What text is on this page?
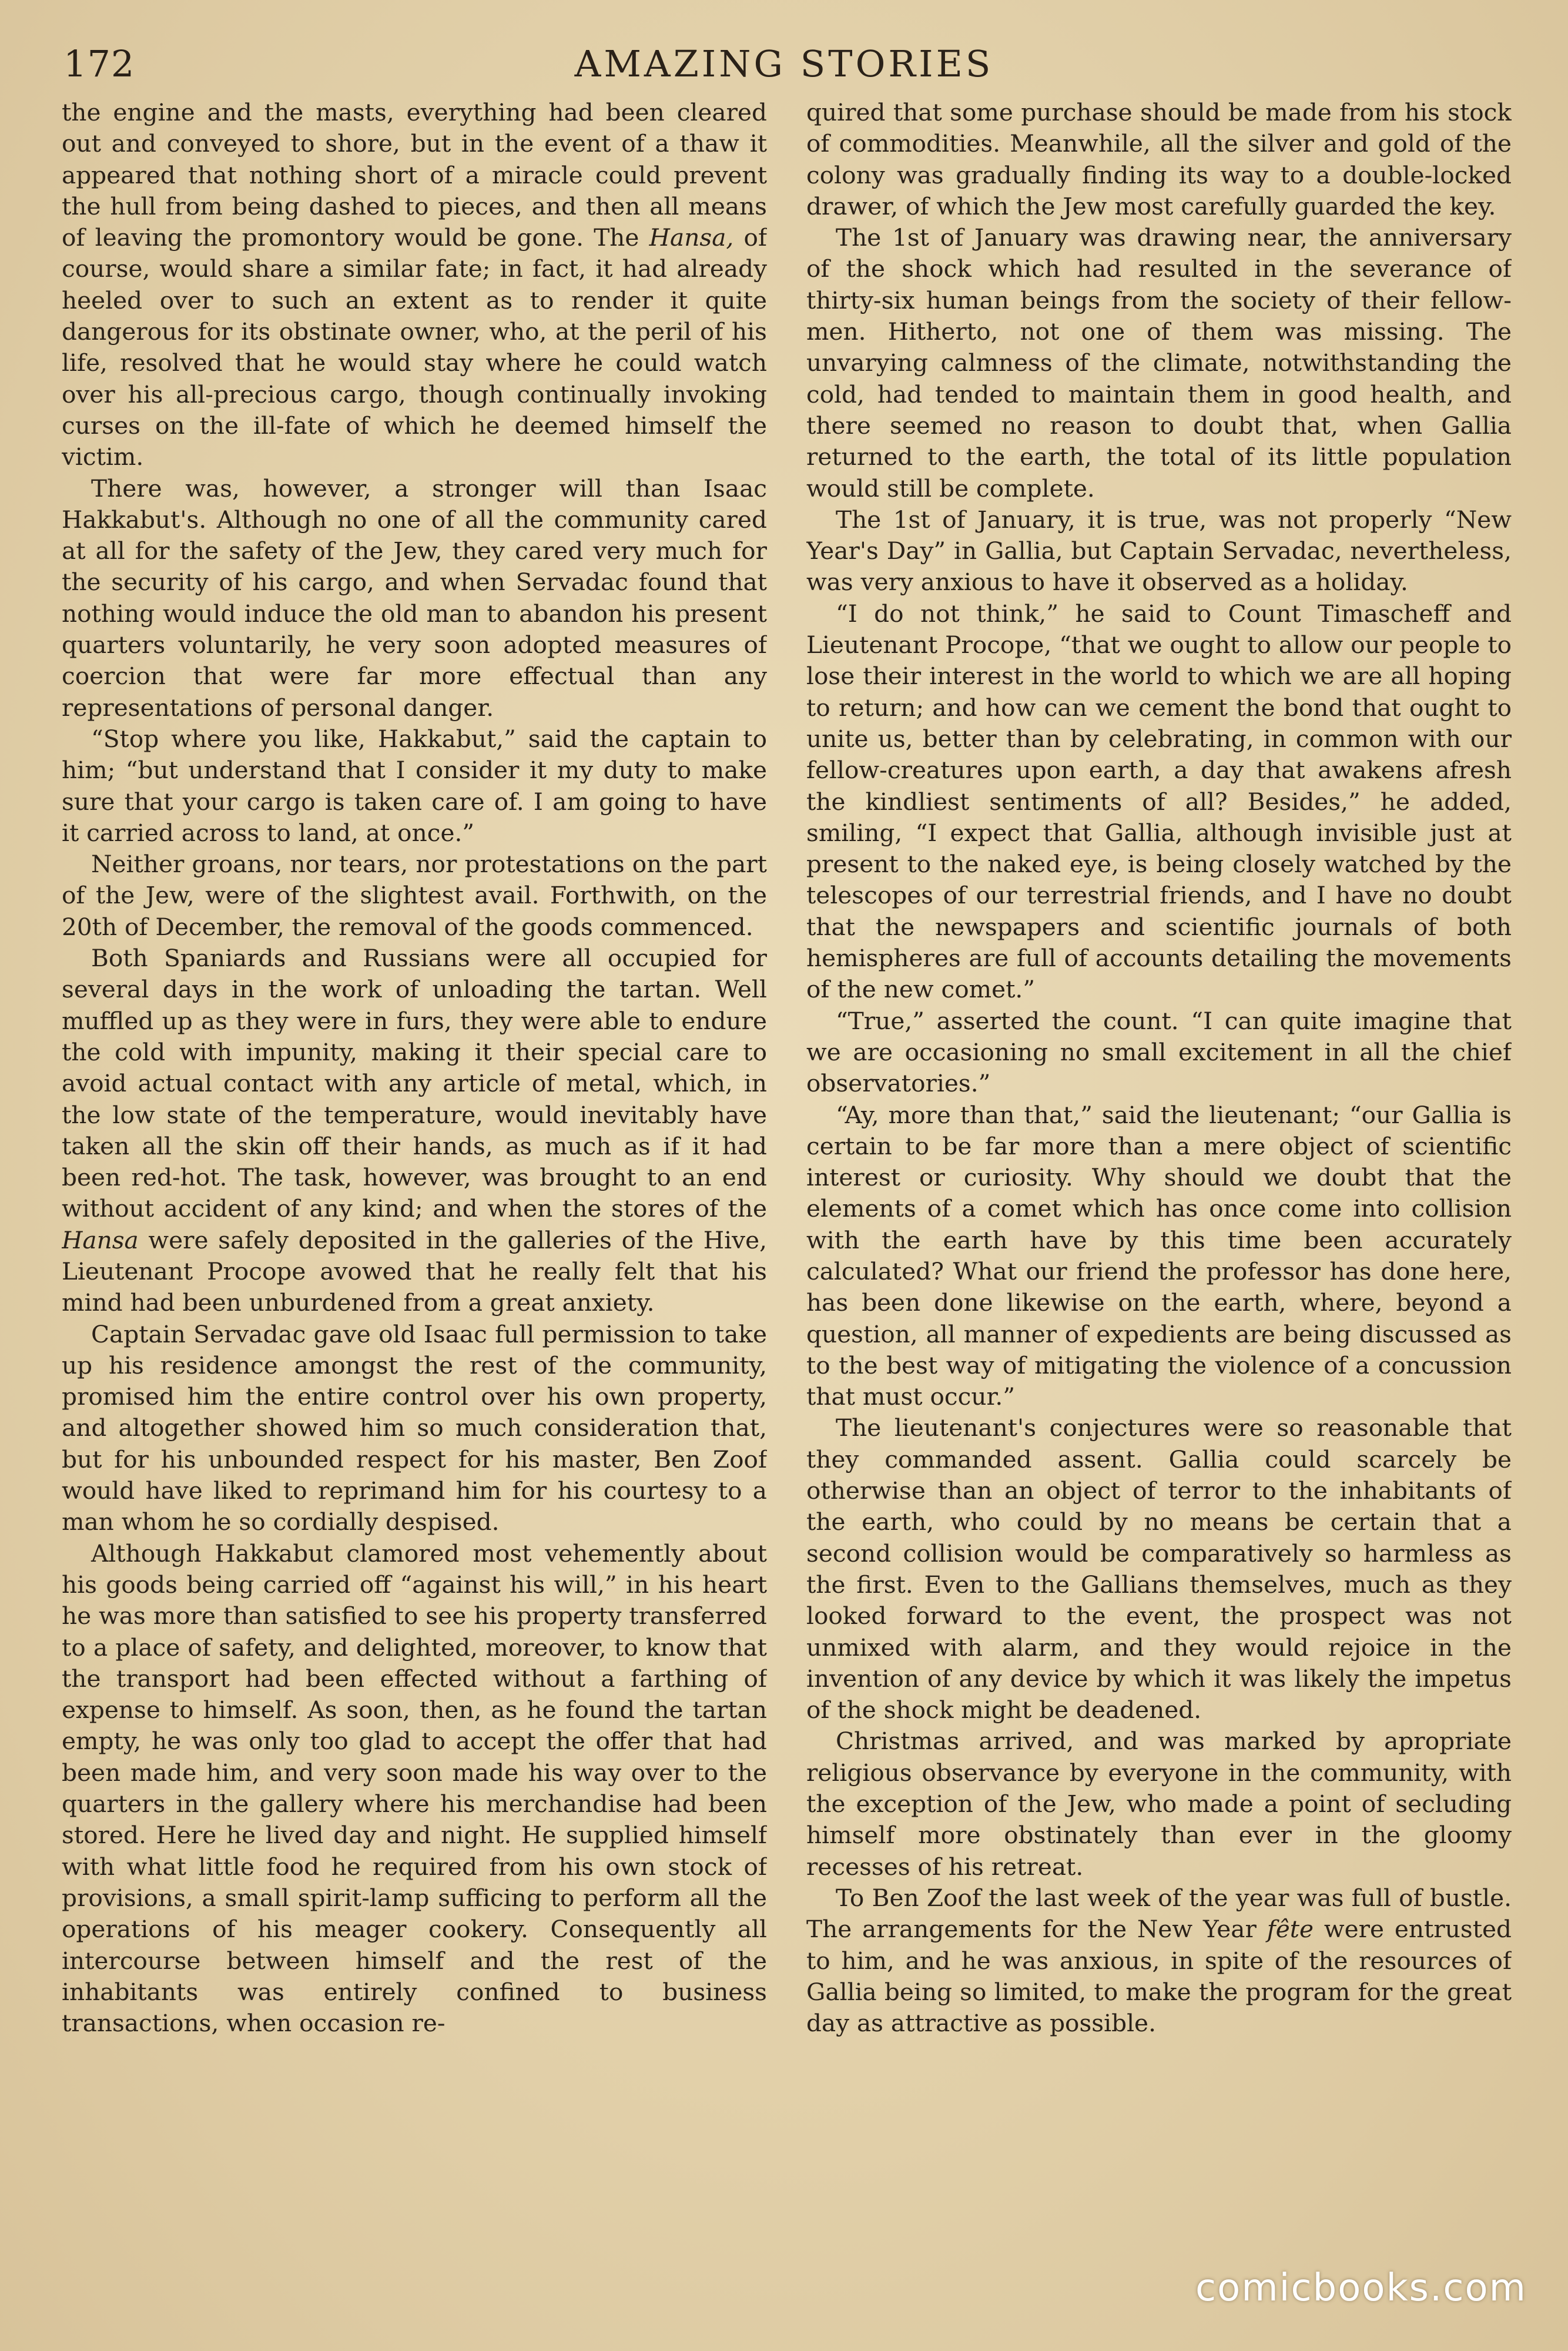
172	AMAZING STORIES

the engine and the masts, everything had been cleared out and conveyed to shore, but in the event of a thaw it appeared that nothing short of a miracle could prevent the hull from being dashed to pieces, and then all means of leaving the promontory would be gone. The Hansa, of course, would share a similar fate; in fact, it had already heeled over to such an extent as to render it quite dangerous for its obstinate owner, who, at the peril of his life, resolved that he would stay where he could watch over his all-precious cargo, though continually invoking curses on the ill-fate of which he deemed himself the victim.

There was, however, a stronger will than Isaac Hakkabut's. Although no one of all the community cared at all for the safety of the Jew, they cared very much for the security of his cargo, and when Servadac found that nothing would induce the old man to abandon his present quarters voluntarily, he very soon adopted measures of coercion that were far more effectual than any representations of personal danger.

“Stop where you like, Hakkabut,” said the captain to him; “but understand that I consider it my duty to make sure that your cargo is taken care of. I am going to have it carried across to land, at once.”

Neither groans, nor tears, nor protestations on the part of the Jew, were of the slightest avail. Forthwith, on the 20th of December, the removal of the goods commenced.

Both Spaniards and Russians were all occupied for several days in the work of unloading the tartan. Well muffled up as they were in furs, they were able to endure the cold with impunity, making it their special care to avoid actual contact with any article of metal, which, in the low state of the temperature, would inevitably have taken all the skin off their hands, as much as if it had been red-hot. The task, however, was brought to an end without accident of any kind; and when the stores of the Hansa were safely deposited in the galleries of the Hive, Lieutenant Procope avowed that he really felt that his mind had been unburdened from a great anxiety.

Captain Servadac gave old Isaac full permission to take up his residence amongst the rest of the community, promised him the entire control over his own property, and altogether showed him so much consideration that, but for his unbounded respect for his master, Ben Zoof would have liked to reprimand him for his courtesy to a man whom he so cordially despised.

Although Hakkabut clamored most vehemently about his goods being carried off “against his will,” in his heart he was more than satisfied to see his property transferred to a place of safety, and delighted, moreover, to know that the transport had been effected without a farthing of expense to himself. As soon, then, as he found the tartan empty, he was only too glad to accept the offer that had been made him, and very soon made his way over to the quarters in the gallery where his merchandise had been stored. Here he lived day and night. He supplied himself with what little food he required from his own stock of provisions, a small spirit-lamp sufficing to perform all the operations of his meager cookery. Consequently all intercourse between himself and the rest of the inhabitants was entirely confined to business transactions, when occasion re-

quired that some purchase should be made from his stock of commodities. Meanwhile, all the silver and gold of the colony was gradually finding its way to a double-locked drawer, of which the Jew most carefully guarded the key.

The 1st of January was drawing near, the anniversary of the shock which had resulted in the severance of thirty-six human beings from the society of their fellow-men. Hitherto, not one of them was missing. The unvarying calmness of the climate, notwithstanding the cold, had tended to maintain them in good health, and there seemed no reason to doubt that, when Gallia returned to the earth, the total of its little population would still be complete.

The 1st of January, it is true, was not properly “New Year's Day” in Gallia, but Captain Servadac, nevertheless, was very anxious to have it observed as a holiday.

“I do not think,” he said to Count Timascheff and Lieutenant Procope, “that we ought to allow our people to lose their interest in the world to which we are all hoping to return; and how can we cement the bond that ought to unite us, better than by celebrating, in common with our fellow-creatures upon earth, a day that awakens afresh the kindliest sentiments of all? Besides,” he added, smiling, “I expect that Gallia, although invisible just at present to the naked eye, is being closely watched by the telescopes of our terrestrial friends, and I have no doubt that the newspapers and scientific journals of both hemispheres are full of accounts detailing the movements of the new comet.”

“True,” asserted the count. “I can quite imagine that we are occasioning no small excitement in all the chief observatories.”

“Ay, more than that,” said the lieutenant; “our Gallia is certain to be far more than a mere object of scientific interest or curiosity. Why should we doubt that the elements of a comet which has once come into collision with the earth have by this time been accurately calculated? What our friend the professor has done here, has been done likewise on the earth, where, beyond a question, all manner of expedients are being discussed as to the best way of mitigating the violence of a concussion that must occur.”

The lieutenant's conjectures were so reasonable that they commanded assent. Gallia could scarcely be otherwise than an object of terror to the inhabitants of the earth, who could by no means be certain that a second collision would be comparatively so harmless as the first. Even to the Gallians themselves, much as they looked forward to the event, the prospect was not unmixed with alarm, and they would rejoice in the invention of any device by which it was likely the impetus of the shock might be deadened.

Christmas arrived, and was marked by apropriate religious observance by everyone in the community, with the exception of the Jew, who made a point of secluding himself more obstinately than ever in the gloomy recesses of his retreat.

To Ben Zoof the last week of the year was full of bustle. The arrangements for the New Year fête were entrusted to him, and he was anxious, in spite of the resources of Gallia being so limited, to make the program for the great day as attractive as possible.

comicbooks.com
